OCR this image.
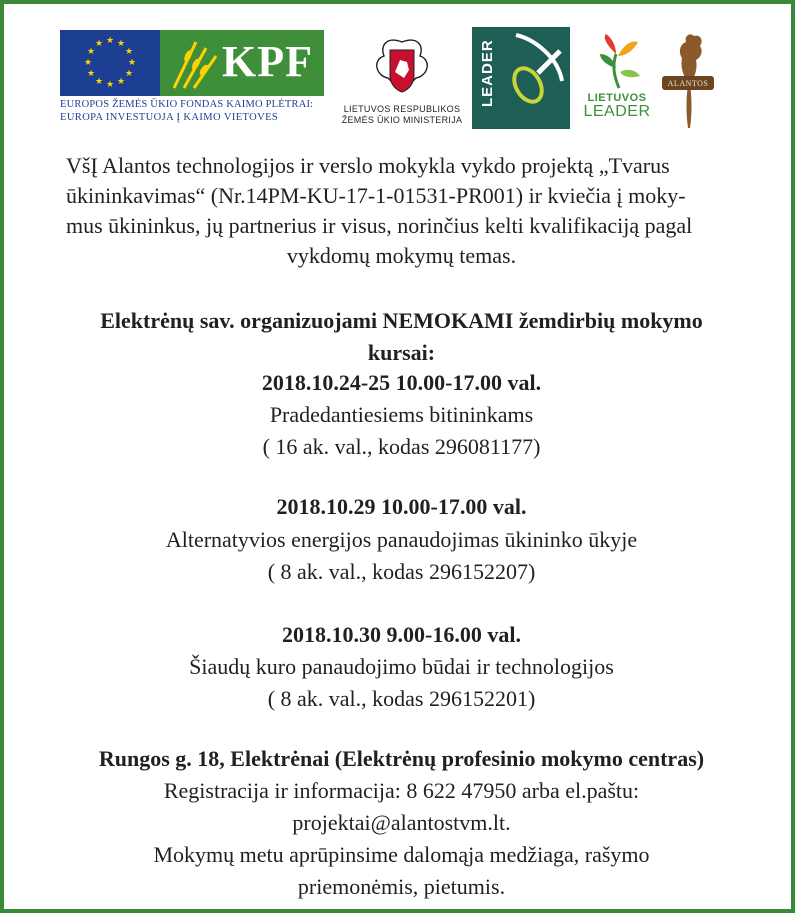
★ ★
★
★
★
★
★
★
★
★
★
★	KPF
EUROPOS ŽEMĖS ŪKIO FONDAS KAIMO PLĖTRAI:
EUROPA INVESTUOJA Į KAIMO VIETOVES
LIETUVOS RESPUBLIKOS
ŽEMĖS ŪKIO MINISTERIJA
LEADER	LIETUVOS
LEADER
ALANTOS
VšĮ Alantos technologijos ir verslo mokykla vykdo projektą „Tvarus
ūkininkavimas“ (Nr.14PM-KU-17-1-01531-PR001) ir kviečia į moky-
mus ūkininkus, jų partnerius ir visus, norinčius kelti kvalifikaciją pagal
vykdomų mokymų temas.
Elektrėnų sav. organizuojami NEMOKAMI žemdirbių mokymo
kursai:
2018.10.24-25 10.00-17.00 val.
Pradedantiesiems bitininkams
( 16 ak. val., kodas 296081177)
2018.10.29 10.00-17.00 val.
Alternatyvios energijos panaudojimas ūkininko ūkyje
( 8 ak. val., kodas 296152207)
2018.10.30 9.00-16.00 val.
Šiaudų kuro panaudojimo būdai ir technologijos
( 8 ak. val., kodas 296152201)
Rungos g. 18, Elektrėnai (Elektrėnų profesinio mokymo centras)
Registracija ir informacija: 8 622 47950 arba el.paštu:
projektai@alantostvm.lt.
Mokymų metu aprūpinsime dalomąja medžiaga, rašymo
priemonėmis, pietumis.
